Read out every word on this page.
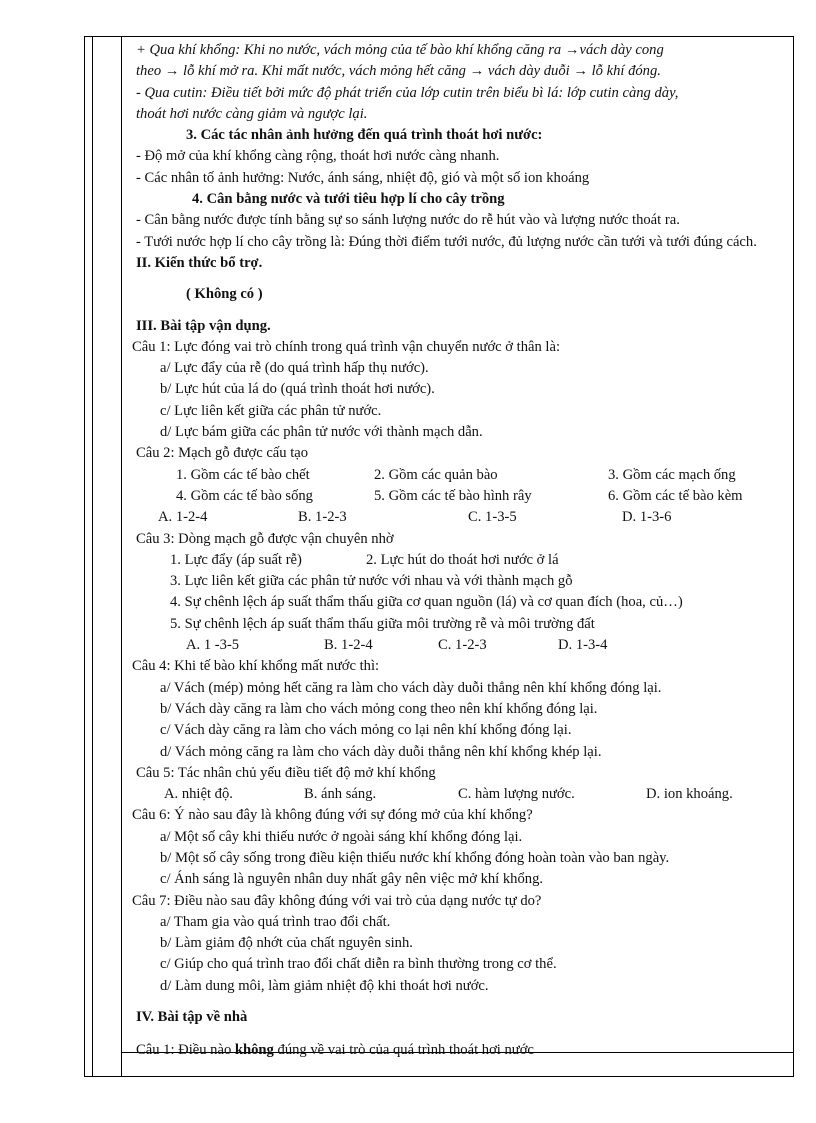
+ Qua khí khổng: Khi no nước, vách mỏng của tế bào khí khổng căng ra →vách dày cong
theo → lỗ khí mở ra. Khi mất nước, vách mỏng hết căng → vách dày duỗi → lỗ khí đóng.
- Qua cutin: Điều tiết bởi mức độ phát triển của lớp cutin trên biểu bì lá: lớp cutin càng dày,
thoát hơi nước càng giảm và ngược lại.
3. Các tác nhân ảnh hưởng đến quá trình thoát hơi nước:
- Độ mở của khí khổng càng rộng, thoát hơi nước càng nhanh.
- Các nhân tố ảnh hưởng: Nước, ánh sáng, nhiệt độ, gió và một số ion khoáng
4. Cân bằng nước và tưới tiêu hợp lí cho cây trồng
- Cân bằng nước được tính bằng sự so sánh lượng nước do rễ hút vào và lượng nước thoát ra.
- Tưới nước hợp lí cho cây trồng là: Đúng thời điểm tưới nước, đủ lượng nước cần tưới và tưới đúng cách.
II. Kiến thức bổ trợ.
( Không có )
III. Bài tập vận dụng.
Câu 1: Lực đóng vai trò chính trong quá trình vận chuyển nước ở thân là:
a/ Lực đẩy của rễ (do quá trình hấp thụ nước).
b/ Lực hút của lá do (quá trình thoát hơi nước).
c/ Lực liên kết giữa các phân tử nước.
d/ Lực bám giữa các phân tử nước với thành mạch dẫn.
Câu 2: Mạch gỗ được cấu tạo
1. Gồm các tế bào chết	2. Gồm các quản bào	3. Gồm các mạch ống
4. Gồm các tế bào sống	5. Gồm các tế bào hình rây	6. Gồm các tế bào kèm
A. 1-2-4	B. 1-2-3	C. 1-3-5	D. 1-3-6
Câu 3: Dòng mạch gỗ được vận chuyên nhờ
1. Lực đẩy (áp suất rễ)	2. Lực hút do thoát hơi nước ở lá
3. Lực liên kết giữa các phân tử nước với nhau và với thành mạch gỗ
4. Sự chênh lệch áp suất thẩm thấu giữa cơ quan nguồn (lá) và cơ quan đích (hoa, củ…)
5. Sự chênh lệch áp suất thẩm thấu giữa môi trường rễ và môi trường đất
A. 1 -3-5	B. 1-2-4	C. 1-2-3	D. 1-3-4
Câu 4: Khi tế bào khí khổng mất nước thì:
a/ Vách (mép) mỏng hết căng ra làm cho vách dày duỗi thẳng nên khí khổng đóng lại.
b/ Vách dày căng ra làm cho vách mỏng cong theo nên khí khổng đóng lại.
c/ Vách dày căng ra làm cho vách mỏng co lại nên khí khổng đóng lại.
d/ Vách mỏng căng ra làm cho vách dày duỗi thẳng nên khí khổng khép lại.
Câu 5: Tác nhân chủ yếu điều tiết độ mở khí khổng
A. nhiệt độ.	B. ánh sáng.	C. hàm lượng nước.	D. ion khoáng.
Câu 6: Ý nào sau đây là không đúng với sự đóng mở của khí khổng?
a/ Một số cây khi thiếu nước ở ngoài sáng khí khổng đóng lại.
b/ Một số cây sống trong điều kiện thiếu nước khí khổng đóng hoàn toàn vào ban ngày.
c/ Ánh sáng là nguyên nhân duy nhất gây nên việc mở khí khổng.
Câu 7: Điều nào sau đây không đúng với vai trò của dạng nước tự do?
a/ Tham gia vào quá trình trao đổi chất.
b/ Làm giảm độ nhớt của chất nguyên sinh.
c/ Giúp cho quá trình trao đổi chất diễn ra bình thường trong cơ thể.
d/ Làm dung môi, làm giảm nhiệt độ khi thoát hơi nước.
IV. Bài tập về nhà
Câu 1: Điều nào không đúng về vai trò của quá trình thoát hơi nước
